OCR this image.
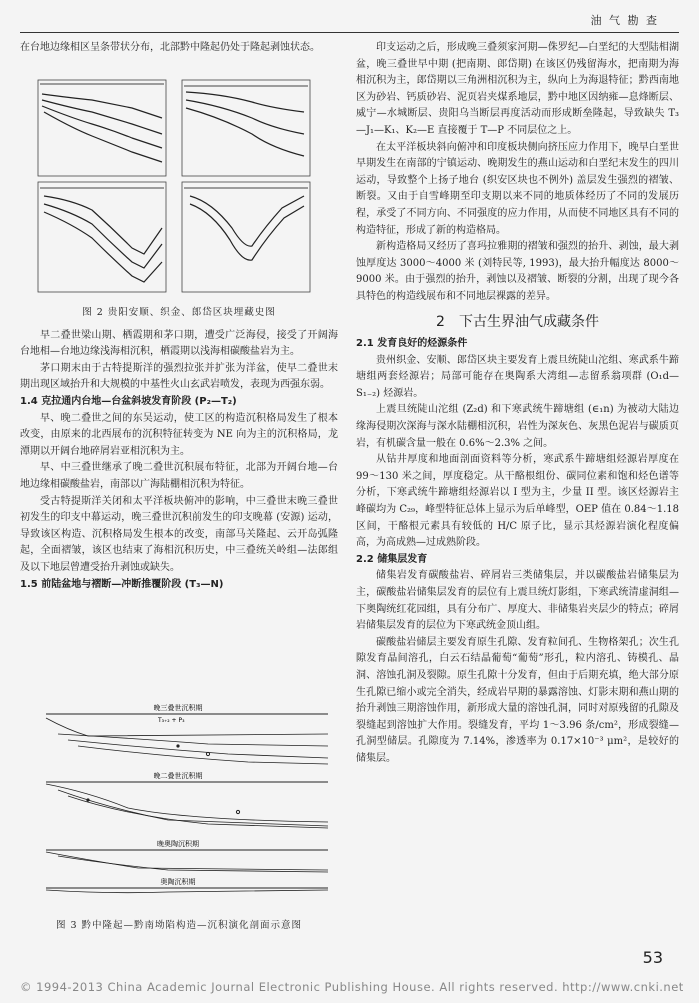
油 气 勘 查

在台地边缘相区呈条带状分布，北部黔中隆起仍处于隆起剥蚀状态。

图 2 贵阳安顺、织金、郎岱区块埋藏史图

早二叠世梁山期、栖霞期和茅口期，遭受广泛海侵，接受了开阔海台地相—台地边缘浅海相沉积，栖霞期以浅海相碳酸盐岩为主。

茅口期末由于古特提斯洋的强烈拉张并扩张为洋盆，使早二叠世末期出现区域抬升和大规模的中基性火山玄武岩喷发，表现为西强东弱。

1.4 克拉通内台地—台盆斜坡发育阶段 (P₂—T₂)

早、晚二叠世之间的东吴运动，使工区的构造沉积格局发生了根本改变，由原来的北西展布的沉积特征转变为 NE 向为主的沉积格局，龙潭期以开阔台地碎屑岩亚相沉积为主。

早、中三叠世继承了晚二叠世沉积展布特征，北部为开阔台地—台地边缘相碳酸盐岩，南部以广海陆棚相沉积为特征。

受古特提斯洋关闭和太平洋板块俯冲的影响，中三叠世末晚三叠世初发生的印支中幕运动，晚三叠世沉积前发生的印支晚幕 (安源) 运动，导致该区构造、沉积格局发生根本的改变，南部马关隆起、云开岛弧隆起，全面褶皱，该区也结束了海相沉积历史，中三叠统关岭组—法郎组及以下地层曾遭受抬升剥蚀或缺失。

1.5 前陆盆地与褶断—冲断推覆阶段 (T₃—N)
晚三叠世沉积期
T₃₊₂ + P₃
晚二叠世沉积期
晚奥陶沉积期
奥陶沉积期
图 3 黔中隆起—黔南坳陷构造—沉积演化剖面示意图

印支运动之后，形成晚三叠须家河期—侏罗纪—白垩纪的大型陆相湖盆，晚三叠世早中期 (把南期、郎岱期) 在该区仍残留海水，把南期为海相沉积为主，郎岱期以三角洲相沉积为主，纵向上为海退特征；黔西南地区为砂岩、钙质砂岩、泥页岩夹煤系地层，黔中地区因纳雍—息烽断层、威宁—水城断层、贵阳乌当断层再度活动而形成断垒隆起，导致缺失 T₃—J₁—K₁、K₂—E 直接覆于 T—P 不同层位之上。

在太平洋板块斜向俯冲和印度板块侧向挤压应力作用下，晚早白垩世早期发生在南部的宁镇运动、晚期发生的燕山运动和白垩纪末发生的四川运动，导致整个上扬子地台 (织安区块也不例外) 盖层发生强烈的褶皱、断裂。又由于自雪峰期至印支期以来不同的地质体经历了不同的发展历程，承受了不同方向、不同强度的应力作用，从而使不同地区具有不同的构造特征，形成了新的构造格局。

新构造格局又经历了喜玛拉雅期的褶皱和强烈的抬升、剥蚀，最大剥蚀厚度达 3000～4000 米 (刘特民等, 1993)，最大抬升幅度达 8000～9000 米。由于强烈的抬升，剥蚀以及褶皱、断裂的分割，出现了现今各具特色的构造线展布和不同地层裸露的差异。

2 下古生界油气成藏条件
2.1 发育良好的烃源条件

贵州织金、安顺、郎岱区块主要发育上震旦统陡山沱组、寒武系牛蹄塘组两套烃源岩；局部可能存在奥陶系大湾组—志留系翁项群 (O₁d—S₁₋₂) 烃源岩。

上震旦统陡山沱组 (Z₂d) 和下寒武统牛蹄塘组 (∈₁n) 为被动大陆边缘海侵期次深海与深水陆棚相沉积，岩性为深灰色、灰黑色泥岩与碳质页岩，有机碳含量一般在 0.6%～2.3% 之间。

从钻井厚度和地面剖面资料等分析，寒武系牛蹄塘组烃源岩厚度在 99～130 米之间，厚度稳定。从干酪根组份、碳同位素和饱和烃色谱等分析，下寒武统牛蹄塘组烃源岩以 I 型为主，少量 II 型。该区烃源岩主峰碳均为 C₂₉，峰型特征总体上显示为后单峰型，OEP 值在 0.84～1.18 区间，干酪根元素具有较低的 H/C 原子比，显示其烃源岩演化程度偏高，为高成熟—过成熟阶段。

2.2 储集层发育

储集岩发育碳酸盐岩、碎屑岩三类储集层，并以碳酸盐岩储集层为主，碳酸盐岩储集层发育的层位有上震旦统灯影组，下寒武统清虚洞组—下奥陶统红花园组，具有分布广、厚度大、非储集岩夹层少的特点；碎屑岩储集层发育的层位为下寒武统金顶山组。

碳酸盐岩储层主要发育原生孔隙、发育粒间孔、生物格架孔；次生孔隙发育晶间溶孔，白云石结晶葡萄“葡萄”形孔，粒内溶孔、铸模孔、晶洞、溶蚀孔洞及裂隙。原生孔隙十分发育，但由于后期充填，绝大部分原生孔隙已缩小或完全消失，经成岩早期的暴露溶蚀、灯影末期和燕山期的抬升剥蚀三期溶蚀作用，新形成大量的溶蚀孔洞，同时对原残留的孔隙及裂缝起到溶蚀扩大作用。裂缝发育，平均 1～3.96 条/cm²，形成裂缝—孔洞型储层。孔隙度为 7.14%，渗透率为 0.17×10⁻³ μm²，是较好的储集层。

53
© 1994-2013 China Academic Journal Electronic Publishing House. All rights reserved. http://www.cnki.net
